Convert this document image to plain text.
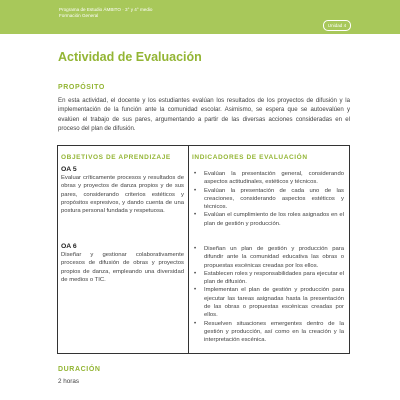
Programa de Estudio ÁMBITO · 3° y 4° medio
Formación General
Unidad 4
Actividad de Evaluación
PROPÓSITO
En esta actividad, el docente y los estudiantes evalúan los resultados de los proyectos de difusión y la implementación de la función ante la comunidad escolar. Asimismo, se espera que se autoevalúen y evalúen el trabajo de sus pares, argumentando a partir de las diversas acciones consideradas en el proceso del plan de difusión.
OBJETIVOS DE APRENDIZAJE	INDICADORES DE EVALUACIÓN
OA 5
Evaluar críticamente procesos y resultados de obras y proyectos de danza propios y de sus pares, considerando criterios estéticos y propósitos expresivos, y dando cuenta de una postura personal fundada y respetuosa.
OA 6
Diseñar y gestionar colaborativamente procesos de difusión de obras y proyectos propios de danza, empleando una diversidad de medios o TIC.
• Evalúan la presentación general, considerando aspectos actitudinales, estéticos y técnicos.
• Evalúan la presentación de cada uno de las creaciones, considerando aspectos estéticos y técnicos.
• Evalúan el cumplimiento de los roles asignados en el plan de gestión y producción.
• Diseñan un plan de gestión y producción para difundir ante la comunidad educativa las obras o propuestas escénicas creadas por los ellos.
• Establecen roles y responsabilidades para ejecutar el plan de difusión.
• Implementan el plan de gestión y producción para ejecutar las tareas asignadas hasta la presentación de las obras o propuestas escénicas creadas por ellos.
• Resuelven situaciones emergentes dentro de la gestión y producción, así como en la creación y la interpretación escénica.
DURACIÓN
2 horas
